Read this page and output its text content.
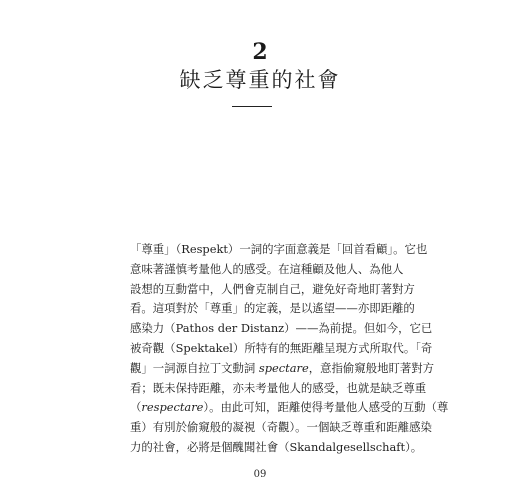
2
缺乏尊重的社會
「尊重」（Respekt）一詞的字面意義是「回首看顧」。它也
意味著謹慎考量他人的感受。在這種顧及他人、為他人
設想的互動當中，人們會克制自己，避免好奇地盯著對方
看。這項對於「尊重」的定義，是以遙望——亦即距離的
感染力（Pathos der Distanz）——為前提。但如今，它已
被奇觀（Spektakel）所特有的無距離呈現方式所取代。「奇
觀」一詞源自拉丁文動詞 spectare，意指偷窺般地盯著對方
看；既未保持距離，亦未考量他人的感受，也就是缺乏尊重
（respectare）。由此可知，距離使得考量他人感受的互動（尊
重）有別於偷窺般的凝視（奇觀）。一個缺乏尊重和距離感染
力的社會，必將是個醜聞社會（Skandalgesellschaft）。
09
